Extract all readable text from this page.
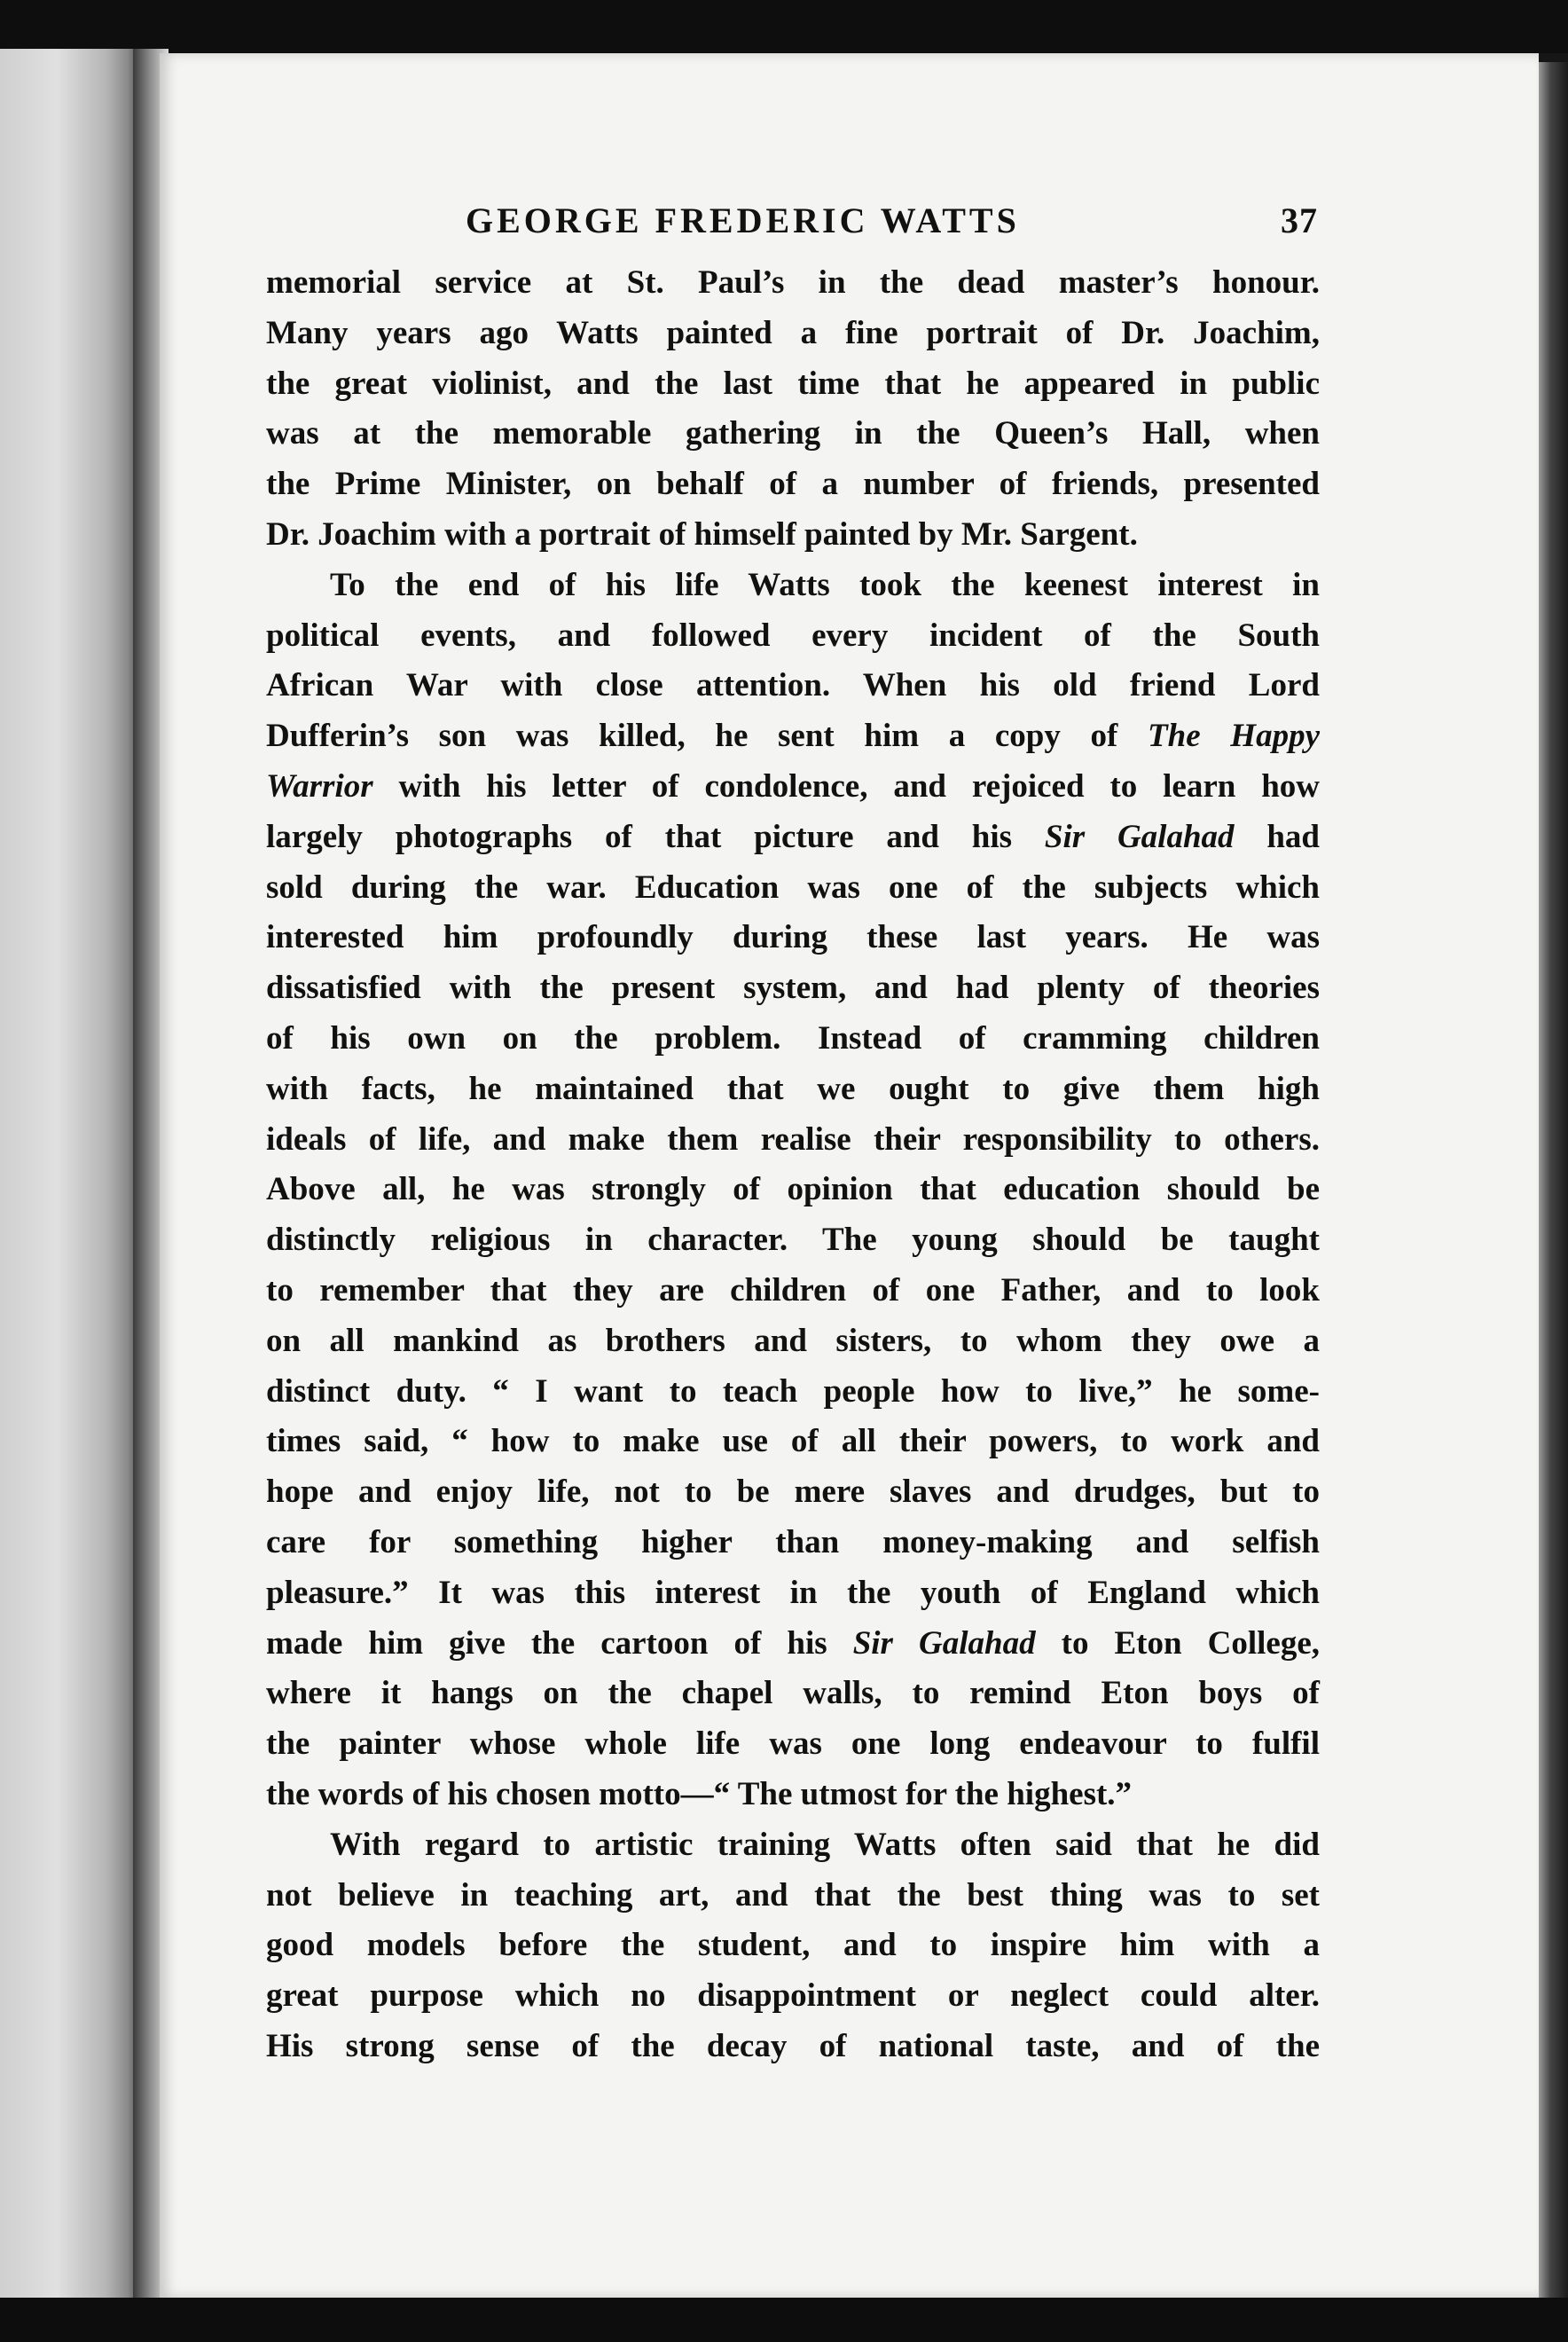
GEORGE FREDERIC WATTS	37

memorial service at St. Paul’s in the dead master’s honour.
Many years ago Watts painted a fine portrait of Dr. Joachim,
the great violinist, and the last time that he appeared in public
was at the memorable gathering in the Queen’s Hall, when
the Prime Minister, on behalf of a number of friends, presented
Dr. Joachim with a portrait of himself painted by Mr. Sargent.

To the end of his life Watts took the keenest interest in
political events, and followed every incident of the South
African War with close attention. When his old friend Lord
Dufferin’s son was killed, he sent him a copy of The Happy
Warrior with his letter of condolence, and rejoiced to learn how
largely photographs of that picture and his Sir Galahad had
sold during the war. Education was one of the subjects which
interested him profoundly during these last years. He was
dissatisfied with the present system, and had plenty of theories
of his own on the problem. Instead of cramming children
with facts, he maintained that we ought to give them high
ideals of life, and make them realise their responsibility to others.
Above all, he was strongly of opinion that education should be
distinctly religious in character. The young should be taught
to remember that they are children of one Father, and to look
on all mankind as brothers and sisters, to whom they owe a
distinct duty. “ I want to teach people how to live,” he some-
times said, “ how to make use of all their powers, to work and
hope and enjoy life, not to be mere slaves and drudges, but to
care for something higher than money-making and selfish
pleasure.” It was this interest in the youth of England which
made him give the cartoon of his Sir Galahad to Eton College,
where it hangs on the chapel walls, to remind Eton boys of
the painter whose whole life was one long endeavour to fulfil
the words of his chosen motto—“ The utmost for the highest.”

With regard to artistic training Watts often said that he did
not believe in teaching art, and that the best thing was to set
good models before the student, and to inspire him with a
great purpose which no disappointment or neglect could alter.
His strong sense of the decay of national taste, and of the
